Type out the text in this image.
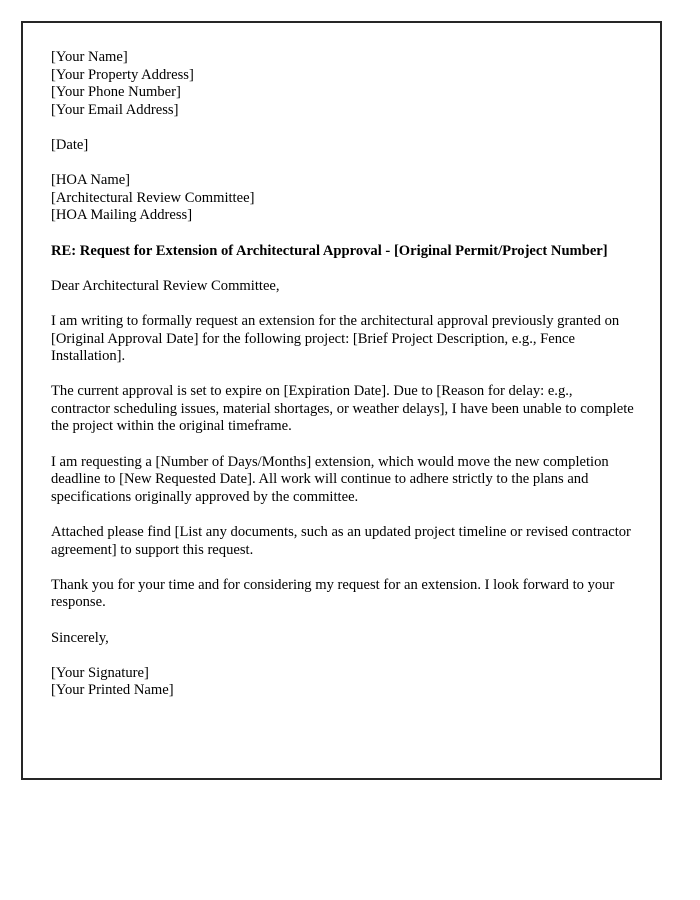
[Your Name]
[Your Property Address]
[Your Phone Number]
[Your Email Address]
[Date]
[HOA Name]
[Architectural Review Committee]
[HOA Mailing Address]
RE: Request for Extension of Architectural Approval - [Original Permit/Project Number]
Dear Architectural Review Committee,

I am writing to formally request an extension for the architectural approval previously granted on [Original Approval Date] for the following project: [Brief Project Description, e.g., Fence Installation].

The current approval is set to expire on [Expiration Date]. Due to [Reason for delay: e.g., contractor scheduling issues, material shortages, or weather delays], I have been unable to complete the project within the original timeframe.

I am requesting a [Number of Days/Months] extension, which would move the new completion deadline to [New Requested Date]. All work will continue to adhere strictly to the plans and specifications originally approved by the committee.

Attached please find [List any documents, such as an updated project timeline or revised contractor agreement] to support this request.

Thank you for your time and for considering my request for an extension. I look forward to your response.

Sincerely,
[Your Signature]
[Your Printed Name]
